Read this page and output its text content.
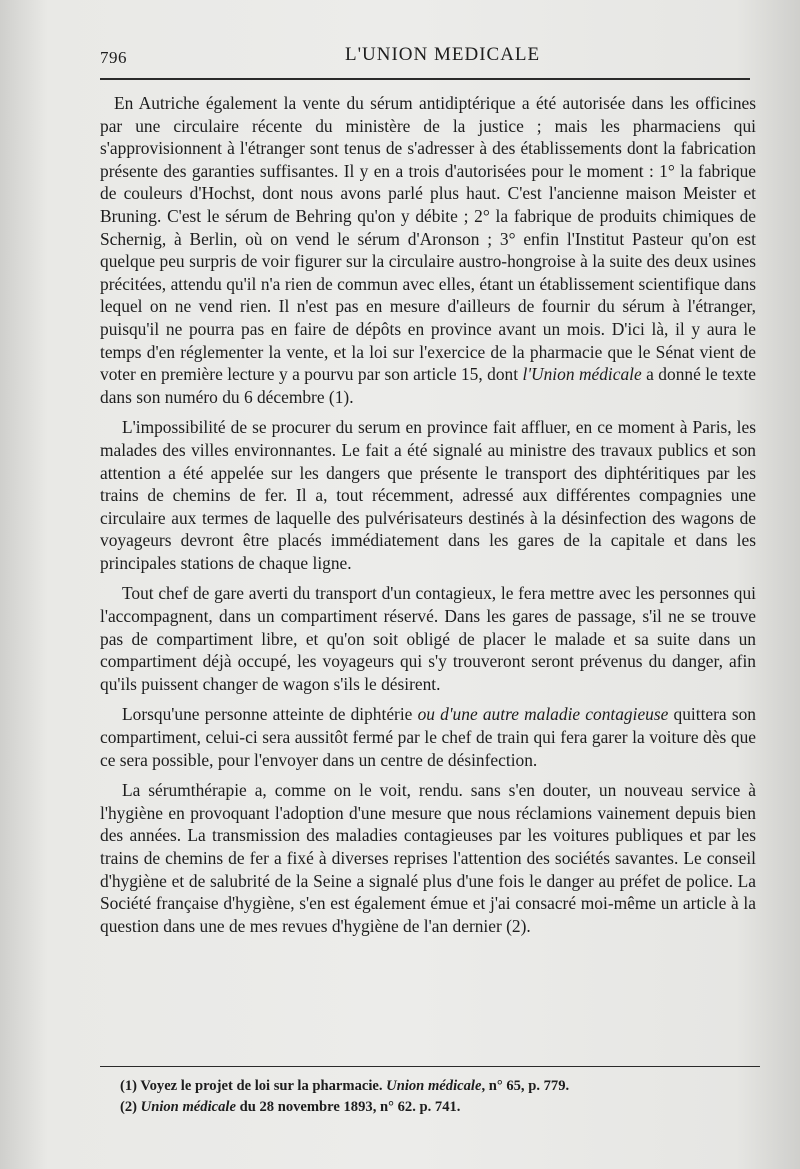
796	L'UNION MEDICALE

En Autriche également la vente du sérum antidiptérique a été autorisée dans les officines par une circulaire récente du ministère de la justice ; mais les pharmaciens qui s'approvisionnent à l'étranger sont tenus de s'adresser à des établissements dont la fabrication présente des garanties suffisantes. Il y en a trois d'autorisées pour le moment : 1° la fabrique de couleurs d'Hochst, dont nous avons parlé plus haut. C'est l'ancienne maison Meister et Bruning. C'est le sérum de Behring qu'on y débite ; 2° la fabrique de produits chimiques de Schernig, à Berlin, où on vend le sérum d'Aronson ; 3° enfin l'Institut Pasteur qu'on est quelque peu surpris de voir figurer sur la circulaire austro-hongroise à la suite des deux usines précitées, attendu qu'il n'a rien de commun avec elles, étant un établissement scientifique dans lequel on ne vend rien. Il n'est pas en mesure d'ailleurs de fournir du sérum à l'étranger, puisqu'il ne pourra pas en faire de dépôts en province avant un mois. D'ici là, il y aura le temps d'en réglementer la vente, et la loi sur l'exercice de la pharmacie que le Sénat vient de voter en première lecture y a pourvu par son article 15, dont l'Union médicale a donné le texte dans son numéro du 6 décembre (1).

L'impossibilité de se procurer du serum en province fait affluer, en ce moment à Paris, les malades des villes environnantes. Le fait a été signalé au ministre des travaux publics et son attention a été appelée sur les dangers que présente le transport des diphtéritiques par les trains de chemins de fer. Il a, tout récemment, adressé aux différentes compagnies une circulaire aux termes de laquelle des pulvérisateurs destinés à la désinfection des wagons de voyageurs devront être placés immédiatement dans les gares de la capitale et dans les principales stations de chaque ligne.

Tout chef de gare averti du transport d'un contagieux, le fera mettre avec les personnes qui l'accompagnent, dans un compartiment réservé. Dans les gares de passage, s'il ne se trouve pas de compartiment libre, et qu'on soit obligé de placer le malade et sa suite dans un compartiment déjà occupé, les voyageurs qui s'y trouveront seront prévenus du danger, afin qu'ils puissent changer de wagon s'ils le désirent.

Lorsqu'une personne atteinte de diphtérie ou d'une autre maladie contagieuse quittera son compartiment, celui-ci sera aussitôt fermé par le chef de train qui fera garer la voiture dès que ce sera possible, pour l'envoyer dans un centre de désinfection.

La sérumthérapie a, comme on le voit, rendu. sans s'en douter, un nouveau service à l'hygiène en provoquant l'adoption d'une mesure que nous réclamions vainement depuis bien des années. La transmission des maladies contagieuses par les voitures publiques et par les trains de chemins de fer a fixé à diverses reprises l'attention des sociétés savantes. Le conseil d'hygiène et de salubrité de la Seine a signalé plus d'une fois le danger au préfet de police. La Société française d'hygiène, s'en est également émue et j'ai consacré moi-même un article à la question dans une de mes revues d'hygiène de l'an dernier (2).

(1) Voyez le projet de loi sur la pharmacie. Union médicale, n° 65, p. 779.

(2) Union médicale du 28 novembre 1893, n° 62. p. 741.
